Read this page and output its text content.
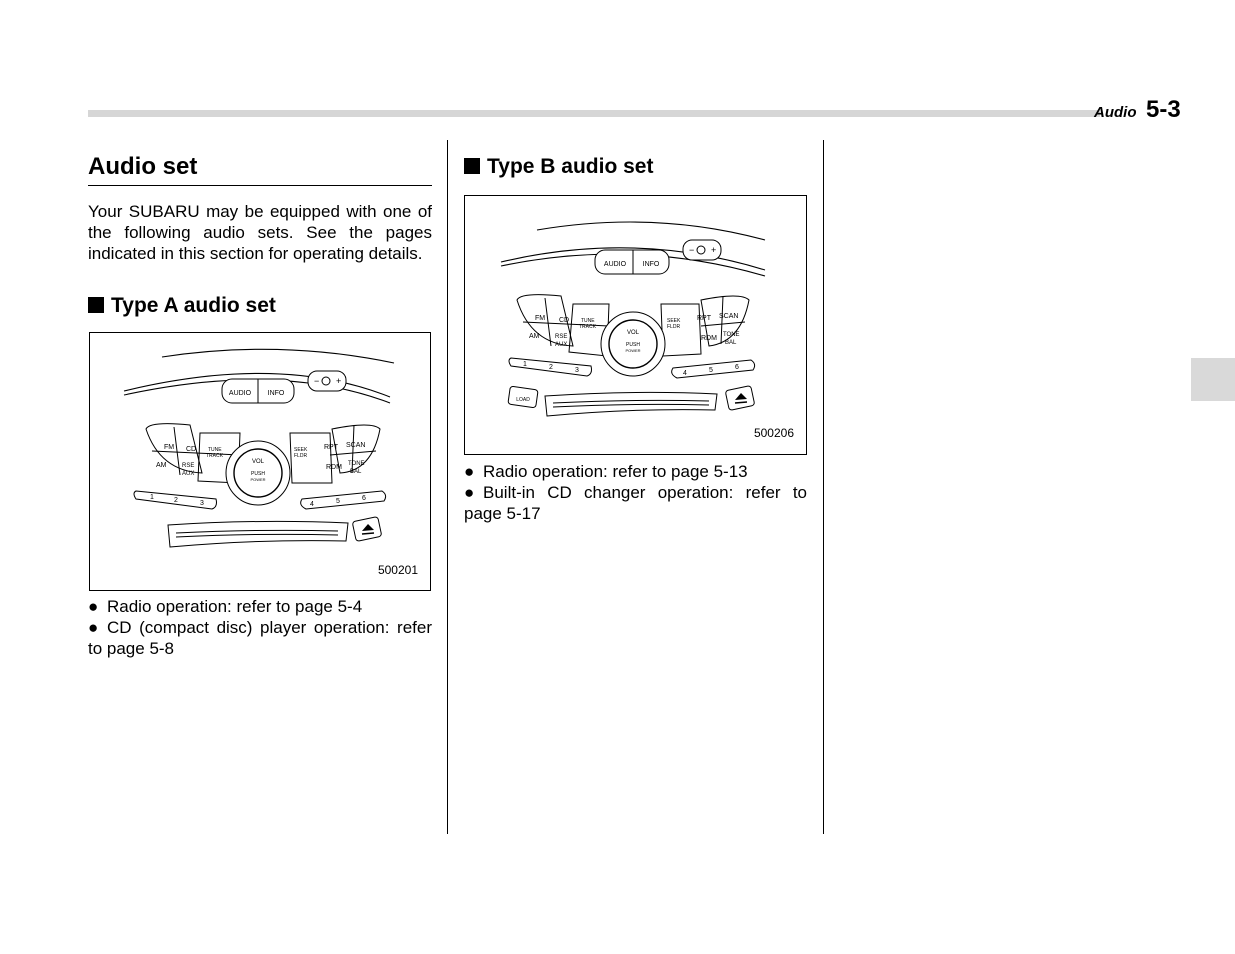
Audio 5-3
Audio set

Your SUBARU may be equipped with one of the following audio sets. See the pages indicated in this section for operating details.

Type A audio set
AUDIO INFO
+
−
FM
AM
CD
RSE
AUX
TUNE
TRACK
SEEK
FLDR
RPT SCAN
RDM TONE
BAL
VOL
PUSH
POWER
1	2	3	4	5	6
500201
● Radio operation: refer to page 5-4
● CD (compact disc) player operation: refer to page 5-8
Type B audio set
AUDIO INFO
+
−
FM
AM
CD
RSE
AUX
TUNE
TRACK
SEEK
FLDR
RPT SCAN
RDM TONE
BAL
VOL
PUSH
POWER
1	2	3	4	5	6
LOAD
500206
● Radio operation: refer to page 5-13
● Built-in CD changer operation: refer to page 5-17
